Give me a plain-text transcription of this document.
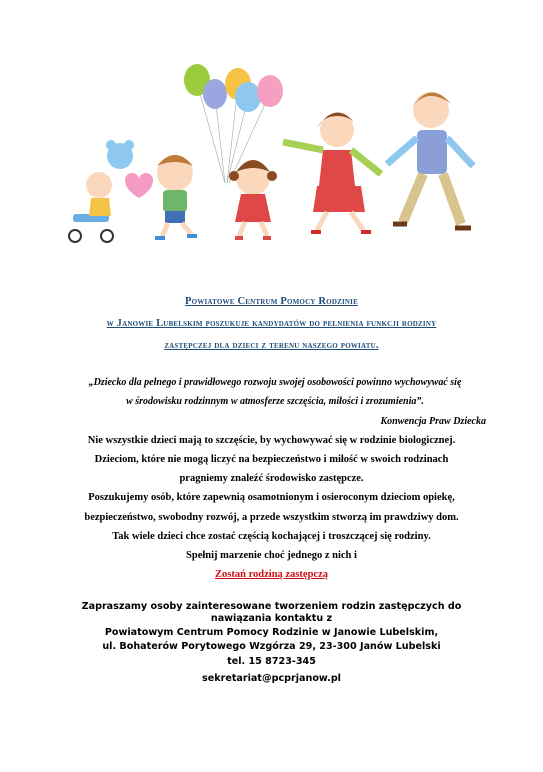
Powiatowe Centrum Pomocy Rodzinie
w Janowie Lubelskim poszukuje kandydatów do pełnienia funkcji rodziny
zastępczej dla dzieci z terenu naszego powiatu.
„Dziecko dla pełnego i prawidłowego rozwoju swojej osobowości powinno wychowywać się
w środowisku rodzinnym w atmosferze szczęścia, miłości i zrozumienia”.
Konwencja Praw Dziecka
Nie wszystkie dzieci mają to szczęście, by wychowywać się w rodzinie biologicznej.
Dzieciom, które nie mogą liczyć na bezpieczeństwo i miłość w swoich rodzinach
pragniemy znaleźć środowisko zastępcze.
Poszukujemy osób, które zapewnią osamotnionym i osieroconym dzieciom opiekę,
bezpieczeństwo, swobodny rozwój, a przede wszystkim stworzą im prawdziwy dom.
Tak wiele dzieci chce zostać częścią kochającej i troszczącej się rodziny.
Spełnij marzenie choć jednego z nich i
Zostań rodziną zastępczą
Zapraszamy osoby zainteresowane tworzeniem rodzin zastępczych do
nawiązania kontaktu z
Powiatowym Centrum Pomocy Rodzinie w Janowie Lubelskim,
ul. Bohaterów Porytowego Wzgórza 29, 23-300 Janów Lubelski
tel. 15 8723-345
sekretariat@pcprjanow.pl
